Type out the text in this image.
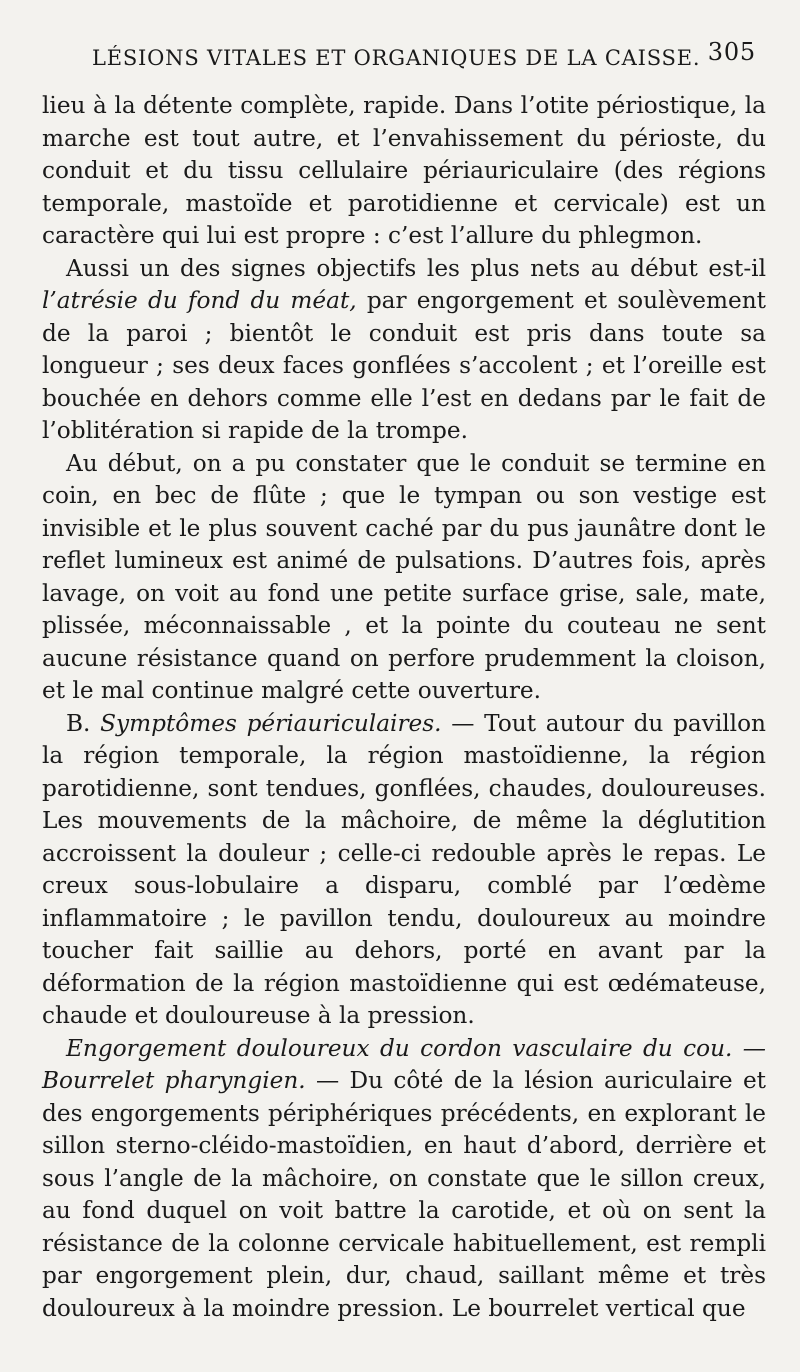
LÉSIONS VITALES ET ORGANIQUES DE LA CAISSE. 305

lieu à la détente complète, rapide. Dans l’otite périostique, la marche est tout autre, et l’envahissement du périoste, du conduit et du tissu cellulaire périauriculaire (des régions temporale, mastoïde et parotidienne et cervicale) est un caractère qui lui est propre : c’est l’allure du phlegmon.

Aussi un des signes objectifs les plus nets au début est-il l’atrésie du fond du méat, par engorgement et soulèvement de la paroi ; bientôt le conduit est pris dans toute sa longueur ; ses deux faces gonflées s’accolent ; et l’oreille est bouchée en dehors comme elle l’est en dedans par le fait de l’oblitération si rapide de la trompe.

Au début, on a pu constater que le conduit se termine en coin, en bec de flûte ; que le tympan ou son vestige est invisible et le plus souvent caché par du pus jaunâtre dont le reflet lumineux est animé de pulsations. D’autres fois, après lavage, on voit au fond une petite surface grise, sale, mate, plissée, méconnaissable , et la pointe du couteau ne sent aucune résistance quand on perfore prudemment la cloison, et le mal continue malgré cette ouverture.

B. Symptômes périauriculaires. — Tout autour du pavillon la région temporale, la région mastoïdienne, la région parotidienne, sont tendues, gonflées, chaudes, douloureuses. Les mouvements de la mâchoire, de même la déglutition accroissent la douleur ; celle-ci redouble après le repas. Le creux sous-lobulaire a disparu, comblé par l’œdème inflammatoire ; le pavillon tendu, douloureux au moindre toucher fait saillie au dehors, porté en avant par la déformation de la région mastoïdienne qui est œdémateuse, chaude et douloureuse à la pression.

Engorgement douloureux du cordon vasculaire du cou. — Bourrelet pharyngien. — Du côté de la lésion auriculaire et des engorgements périphériques précédents, en explorant le sillon sterno-cléido-mastoïdien, en haut d’abord, derrière et sous l’angle de la mâchoire, on constate que le sillon creux, au fond duquel on voit battre la carotide, et où on sent la résistance de la colonne cervicale habituellement, est rempli par engorgement plein, dur, chaud, saillant même et très douloureux à la moindre pression. Le bourrelet vertical que
